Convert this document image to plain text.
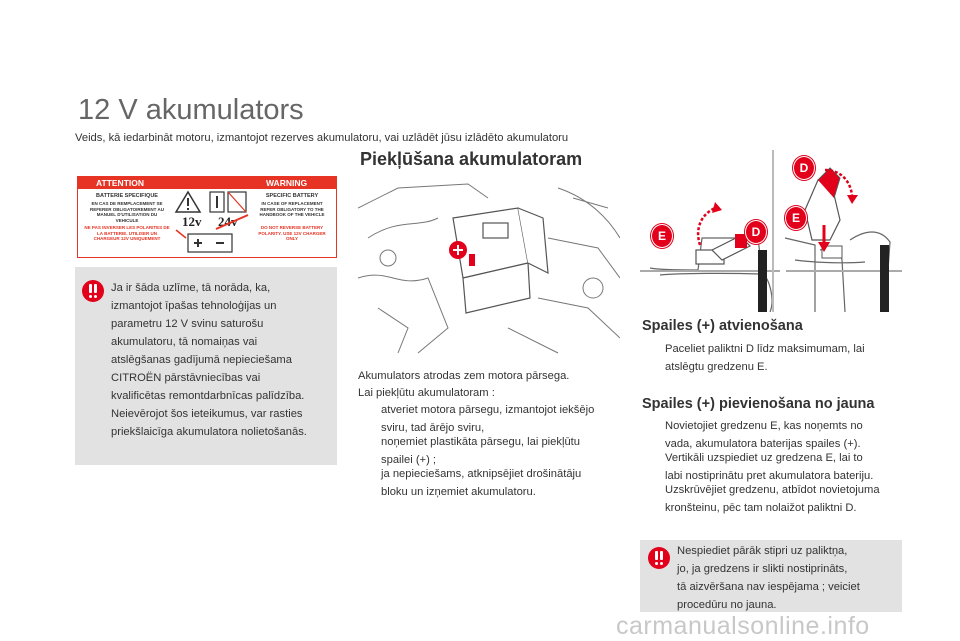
12 V akumulators
Veids, kā iedarbināt motoru, izmantojot rezerves akumulatoru, vai uzlādēt jūsu izlādēto akumulatoru
Piekļūšana akumulatoram
ATTENTION	WARNING
BATTERIE SPECIFIQUE
EN CAS DE REMPLACEMENT SE REFERER OBLIGATOIREMENT AU MANUEL D'UTILISATION DU VEHICULE
NE PAS INVERSER LES POLARITES DE LA BATTERIE. UTILISER UN CHARGEUR 12V UNIQUEMENT
SPECIFIC BATTERY
IN CASE OF REPLACEMENT REFER OBLIGATORY TO THE HANDBOOK OF THE VEHICLE
DO NOT REVERSE BATTERY POLARITY. USE 12V CHARGER ONLY
12v 24v
Ja ir šāda uzlīme, tā norāda, ka,
izmantojot īpašas tehnoloģijas un
parametru 12 V svinu saturošu
akumulatoru, tā nomaiņas vai
atslēgšanas gadījumā nepieciešama
CITROËN pārstāvniecības vai
kvalificētas remontdarbnīcas palīdzība.
Neievērojot šos ieteikumus, var rasties
priekšlaicīga akumulatora nolietošanās.
Akumulators atrodas zem motora pārsega.
Lai piekļūtu akumulatoram :
atveriet motora pārsegu, izmantojot iekšējo
sviru, tad ārējo sviru,
noņemiet plastikāta pārsegu, lai piekļūtu
spailei (+) ;
ja nepieciešams, atknipsējiet drošinātāju
bloku un izņemiet akumulatoru.
E	D
D
E
Spailes (+) atvienošana
Paceliet paliktni D līdz maksimumam, lai
atslēgtu gredzenu E.
Spailes (+) pievienošana no jauna
Novietojiet gredzenu E, kas noņemts no
vada, akumulatora baterijas spailes (+).
Vertikāli uzspiediet uz gredzena E, lai to
labi nostiprinātu pret akumulatora bateriju.
Uzskrūvējiet gredzenu, atbīdot novietojuma
kronšteinu, pēc tam nolaižot paliktni D.
Nespiediet pārāk stipri uz paliktņa,
jo, ja gredzens ir slikti nostiprināts,
tā aizvēršana nav iespējama ; veiciet
procedūru no jauna.
carmanualsonline.info
